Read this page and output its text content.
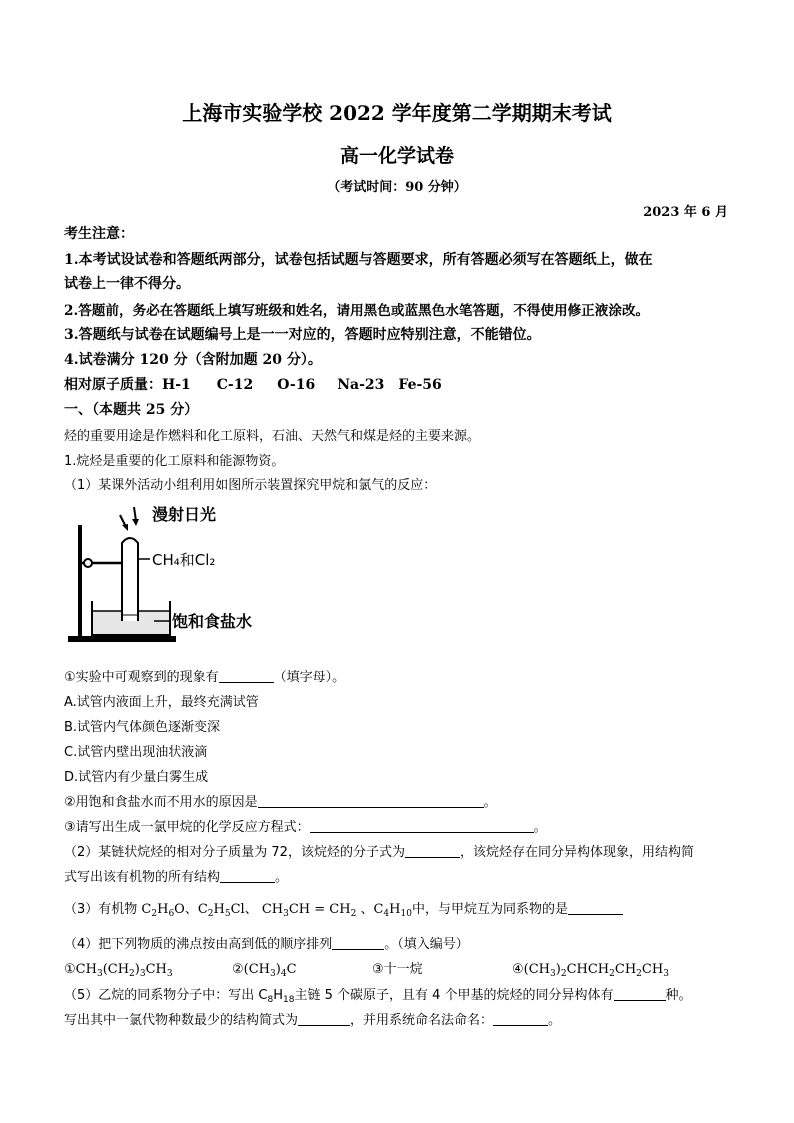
上海市实验学校 2022 学年度第二学期期末考试
高一化学试卷
（考试时间：90 分钟）
2023 年 6 月
考生注意：
1.本考试设试卷和答题纸两部分，试卷包括试题与答题要求，所有答题必须写在答题纸上，做在
试卷上一律不得分。
2.答题前，务必在答题纸上填写班级和姓名，请用黑色或蓝黑色水笔答题，不得使用修正液涂改。
3.答题纸与试卷在试题编号上是一一对应的，答题时应特别注意，不能错位。
4.试卷满分 120 分（含附加题 20 分）。
相对原子质量：H-1 C-12 O-16 Na-23 Fe-56
一、（本题共 25 分）
烃的重要用途是作燃料和化工原料，石油、天然气和煤是烃的主要来源。
1.烷烃是重要的化工原料和能源物资。
（1）某课外活动小组利用如图所示装置探究甲烷和氯气的反应：
漫射日光
CH₄和Cl₂
饱和食盐水
①实验中可观察到的现象有	（填字母）。
A.试管内液面上升，最终充满试管
B.试管内气体颜色逐渐变深
C.试管内壁出现油状液滴
D.试管内有少量白雾生成
②用饱和食盐水而不用水的原因是	。
③请写出生成一氯甲烷的化学反应方程式：	。
（2）某链状烷烃的相对分子质量为 72，该烷烃的分子式为	，该烷烃存在同分异构体现象，用结构简
式写出该有机物的所有结构	。
（3）有机物 $C_2H_6O$、$C_2H_5Cl$、 $CH_3CH = CH_2$ 、$C_4H_{10}$中，与甲烷互为同系物的是
（4）把下列物质的沸点按由高到低的顺序排列	。（填入编号）
$①CH_3(CH_2)_3CH_3$	$②(CH_3)_4C$	③十一烷	$④(CH_3)_2CHCH_2CH_2CH_3$
（5）乙烷的同系物分子中：写出 $C_8H_{18}$主链 5 个碳原子，且有 4 个甲基的烷烃的同分异构体有	种。
写出其中一氯代物种数最少的结构简式为	，并用系统命名法命名：	。
